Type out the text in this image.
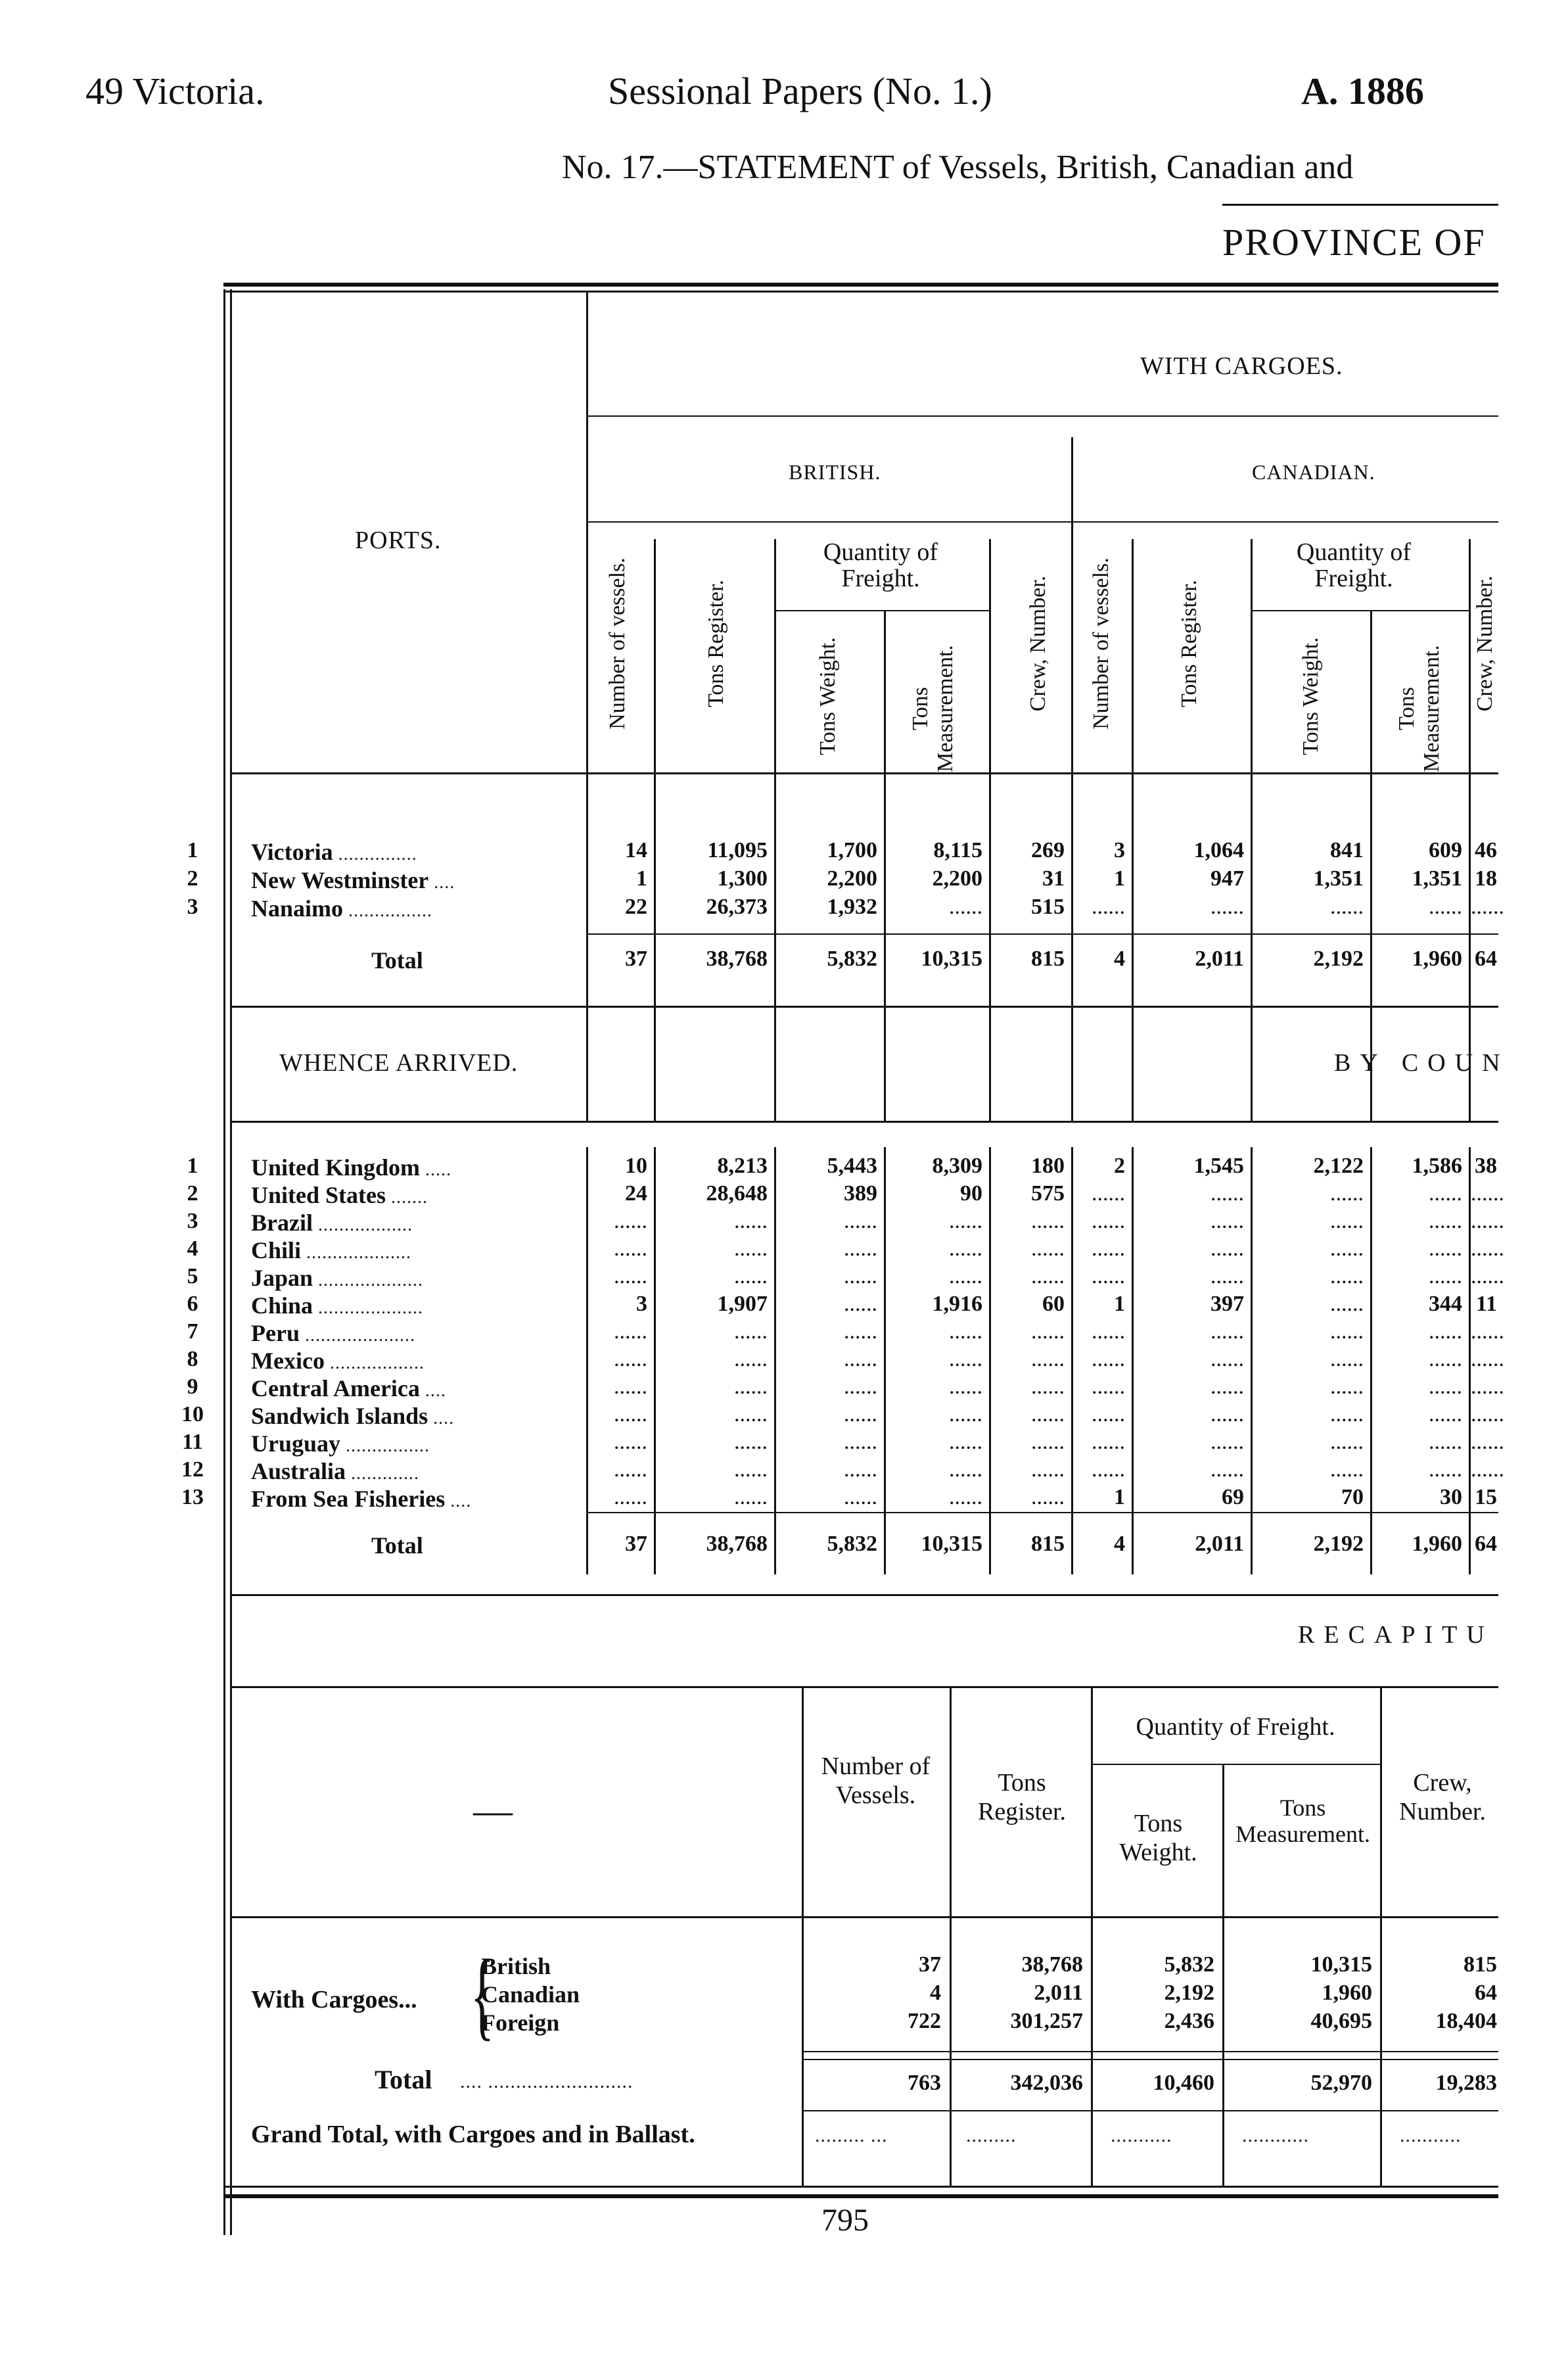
49 Victoria.	Sessional Papers (No. 1.)	A. 1886
No. 17.—STATEMENT of Vessels, British, Canadian and
PROVINCE OF
WITH CARGOES.
BRITISH.	CANADIAN.
PORTS.
Number of vessels.	Tons Register.
Quantity of Freight.
Tons Weight.	Tons Measurement.	Crew, Number. Number of vessels.	Tons Register.
Quantity of Freight.
Tons Weight.	Tons Measurement. Crew, Number.
1	Victoria ...............	14	11,095	1,700	8,115	269	3	1,064	841	609 46
2	New Westminster ....	1	1,300	2,200	2,200	31	1	947	1,351	1,351 18
3	Nanaimo ................	22	26,373	1,932	......	515	......	......	......	...... ......
Total	37	38,768	5,832	10,315	815	4	2,011	2,192	1,960 64
WHENCE ARRIVED.	BY COUN
1	United Kingdom .....	10	8,213	5,443	8,309	180	2	1,545	2,122	1,586 38
2	United States .......	24	28,648	389	90	575	......	......	......	...... ......
3	Brazil ..................	......	......	......	......	......	......	......	......	...... ......
4	Chili ....................	......	......	......	......	......	......	......	......	...... ......
5	Japan ....................	......	......	......	......	......	......	......	......	...... ......
6	China ....................	3	1,907	......	1,916	60	1	397	......	344 11
7	Peru .....................	......	......	......	......	......	......	......	......	...... ......
8	Mexico ..................	......	......	......	......	......	......	......	......	...... ......
9	Central America ....	......	......	......	......	......	......	......	......	...... ......
10 Sandwich Islands ....	......	......	......	......	......	......	......	......	...... ......
11 Uruguay ................	......	......	......	......	......	......	......	......	...... ......
12 Australia .............	......	......	......	......	......	......	......	......	...... ......
13 From Sea Fisheries ....	......	......	......	......	......	1	69	70	30 15
Total	37	38,768	5,832	10,315	815	4	2,011	2,192	1,960 64
RECAPITU
—
Number of Vessels.	Tons Register.
Quantity of Freight.
Tons Weight.
Tons Measurement.
Crew, Number.
With Cargoes... {
British	37	38,768	5,832	10,315	815
Canadian	4	2,011	2,192	1,960	64
Foreign	722	301,257	2,436	40,695	18,404
Total .... ..........................	763	342,036	10,460	52,970	19,283
Grand Total, with Cargoes and in Ballast.	......... ...	.........	...........	............	...........
795
